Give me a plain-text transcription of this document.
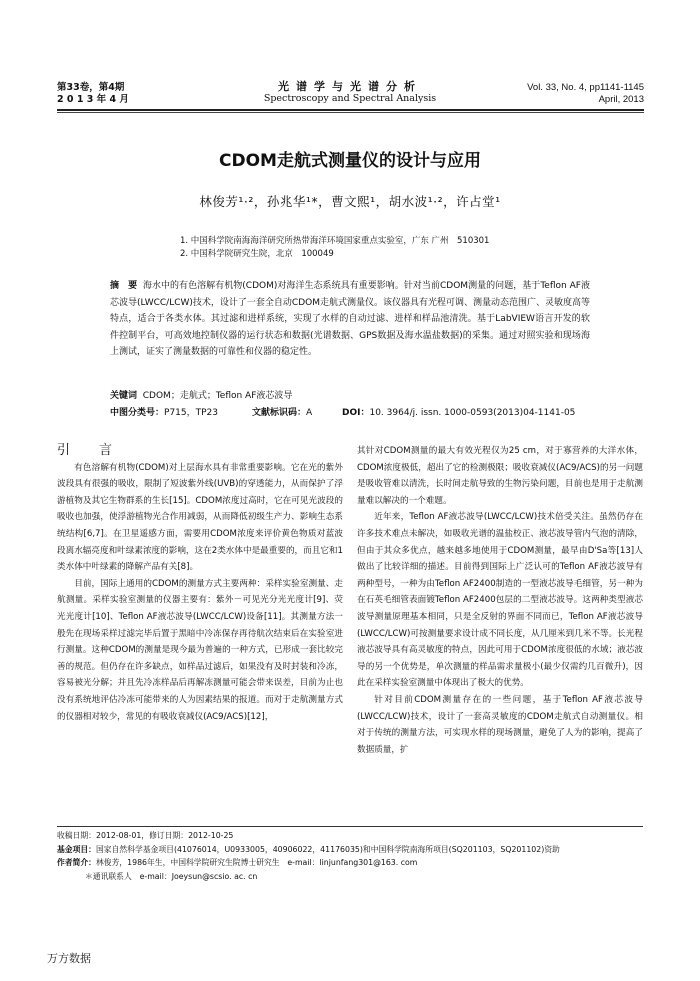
第33卷，第4期
2 0 1 3 年 4 月
光谱学与光谱分析
Spectroscopy and Spectral Analysis
Vol. 33, No. 4, pp1141-1145
April, 2013
CDOM走航式测量仪的设计与应用
林俊芳¹·²，孙兆华¹*，曹文熙¹，胡水波¹·²，许占堂¹
1. 中国科学院南海海洋研究所热带海洋环境国家重点实验室，广东 广州　510301
2. 中国科学院研究生院，北京　100049
摘　要 海水中的有色溶解有机物(CDOM)对海洋生态系统具有重要影响。针对当前CDOM测量的问题，基于Teflon AF液芯波导(LWCC/LCW)技术，设计了一套全自动CDOM走航式测量仪。该仪器具有光程可调、测量动态范围广、灵敏度高等特点，适合于各类水体。其过滤和进样系统，实现了水样的自动过滤、进样和样品池清洗。基于LabVIEW语言开发的软件控制平台，可高效地控制仪器的运行状态和数据(光谱数据、GPS数据及海水温盐数据)的采集。通过对照实验和现场海上测试，证实了测量数据的可靠性和仪器的稳定性。
关键词 CDOM；走航式；Teflon AF液芯波导
中图分类号：P715，TP23	文献标识码：A	DOI：10. 3964/j. issn. 1000-0593(2013)04-1141-05

引　言

有色溶解有机物(CDOM)对上层海水具有非常重要影响。它在光的紫外波段具有很强的吸收，限制了短波紫外线(UVB)的穿透能力，从而保护了浮游植物及其它生物群系的生长[15]。CDOM浓度过高时，它在可见光波段的吸收也加强，使浮游植物光合作用减弱，从而降低初级生产力、影响生态系统结构[6,7]。在卫星遥感方面，需要用CDOM浓度来评价黄色物质对蓝波段离水辐亮度和叶绿素浓度的影响，这在2类水体中是最重要的，而且它和1类水体中叶绿素的降解产品有关[8]。

目前，国际上通用的CDOM的测量方式主要两种：采样实验室测量、走航测量。采样实验室测量的仪器主要有：紫外－可见光分光光度计[9]、荧光光度计[10]、Teflon AF液芯波导(LWCC/LCW)设备[11]。其测量方法一般先在现场采样过滤完毕后置于黑暗中冷冻保存再待航次结束后在实验室进行测量。这种CDOM的测量是现今最为普遍的一种方式，已形成一套比较完善的规范。但仍存在许多缺点，如样品过滤后，如果没有及时封装和冷冻，容易被光分解；并且先冷冻样品后再解冻测量可能会带来误差，目前为止也没有系统地评估冷冻可能带来的人为因素结果的报道。而对于走航测量方式的仪器相对较少，常见的有吸收衰减仪(AC9/ACS)[12]，

其针对CDOM测量的最大有效光程仅为25 cm，对于寡营养的大洋水体，CDOM浓度极低，超出了它的检测极限；吸收衰减仪(AC9/ACS)的另一问题是吸收管难以清洗，长时间走航导致的生物污染问题，目前也是用于走航测量难以解决的一个难题。

近年来，Teflon AF液芯波导(LWCC/LCW)技术倍受关注。虽然仍存在许多技术难点未解决，如吸收光谱的温盐校正、液芯波导管内气泡的清除，但由于其众多优点，越来越多地使用于CDOM测量，最早由D'Sa等[13]人做出了比较详细的描述。目前得到国际上广泛认可的Teflon AF液芯波导有两种型号，一种为由Teflon AF2400制造的一型液芯波导毛细管，另一种为在石英毛细管表面镀Teflon AF2400包层的二型液芯波导。这两种类型液芯波导测量原理基本相同，只是全反射的界面不同而已，Teflon AF液芯波导(LWCC/LCW)可按测量要求设计成不同长度，从几厘米到几米不等。长光程液芯波导具有高灵敏度的特点，因此可用于CDOM浓度很低的水域；液芯波导的另一个优势是，单次测量的样品需求量极小(最少仅需约几百微升)，因此在采样实验室测量中体现出了极大的优势。

针对目前CDOM测量存在的一些问题，基于Teflon AF液芯波导(LWCC/LCW)技术，设计了一套高灵敏度的CDOM走航式自动测量仪。相对于传统的测量方法，可实现水样的现场测量，避免了人为的影响，提高了数据质量，扩

收稿日期：2012-08-01，修订日期：2012-10-25
基金项目：国家自然科学基金项目(41076014，U0933005，40906022，41176035)和中国科学院南海所项目(SQ201103，SQ201102)资助
作者简介：林俊芳，1986年生，中国科学院研究生院博士研究生　e-mail：linjunfang301@163. com
＊通讯联系人　e-mail：Joeysun@scsio. ac. cn
万方数据
